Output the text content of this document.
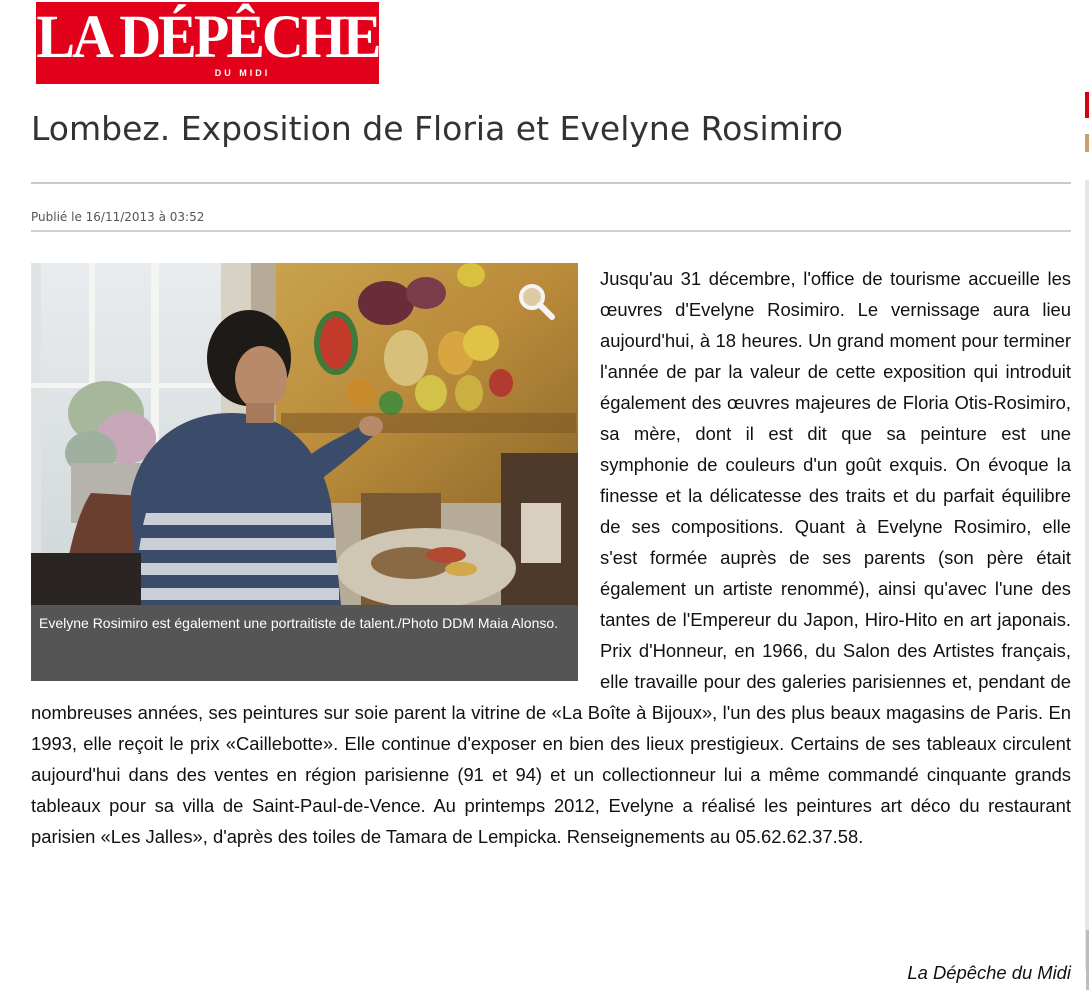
LA DÉPÊCHE
DU MIDI
Lombez. Exposition de Floria et Evelyne Rosimiro
Publié le 16/11/2013 à 03:52

Jusqu'au 31 décembre, l'office de tourisme accueille les œuvres d'Evelyne Rosimiro. Le vernissage aura lieu aujourd'hui, à 18 heures. Un grand moment pour terminer l'année de par la valeur de cette exposition qui introduit également des œuvres majeures de Floria Otis-Rosimiro, sa mère, dont il est dit que sa peinture est une symphonie de couleurs d'un goût exquis. On évoque la finesse et la délicatesse des traits et du parfait équilibre de ses compositions. Quant à Evelyne Rosimiro, elle s'est formée auprès de ses parents (son père était également un artiste renommé), ainsi qu'avec l'une des tantes de l'Empereur du Japon, Hiro-Hito en art japonais. Prix d'Honneur, en 1966, du Salon des Artistes français, elle travaille pour des galeries parisiennes et, pendant de nombreuses années, ses peintures sur soie parent la vitrine de «La Boîte à Bijoux», l'un des plus beaux magasins de Paris. En 1993, elle reçoit le prix «Caillebotte». Elle continue d'exposer en bien des lieux prestigieux. Certains de ses tableaux circulent aujourd'hui dans des ventes en région parisienne (91 et 94) et un collectionneur lui a même commandé cinquante grands tableaux pour sa villa de Saint-Paul-de-Vence. Au printemps 2012, Evelyne a réalisé les peintures art déco du restaurant parisien «Les Jalles», d'après des toiles de Tamara de Lempicka. Renseignements au 05.62.62.37.58.

Evelyne Rosimiro est également une portraitiste de talent./Photo DDM Maia Alonso.
La Dépêche du Midi
